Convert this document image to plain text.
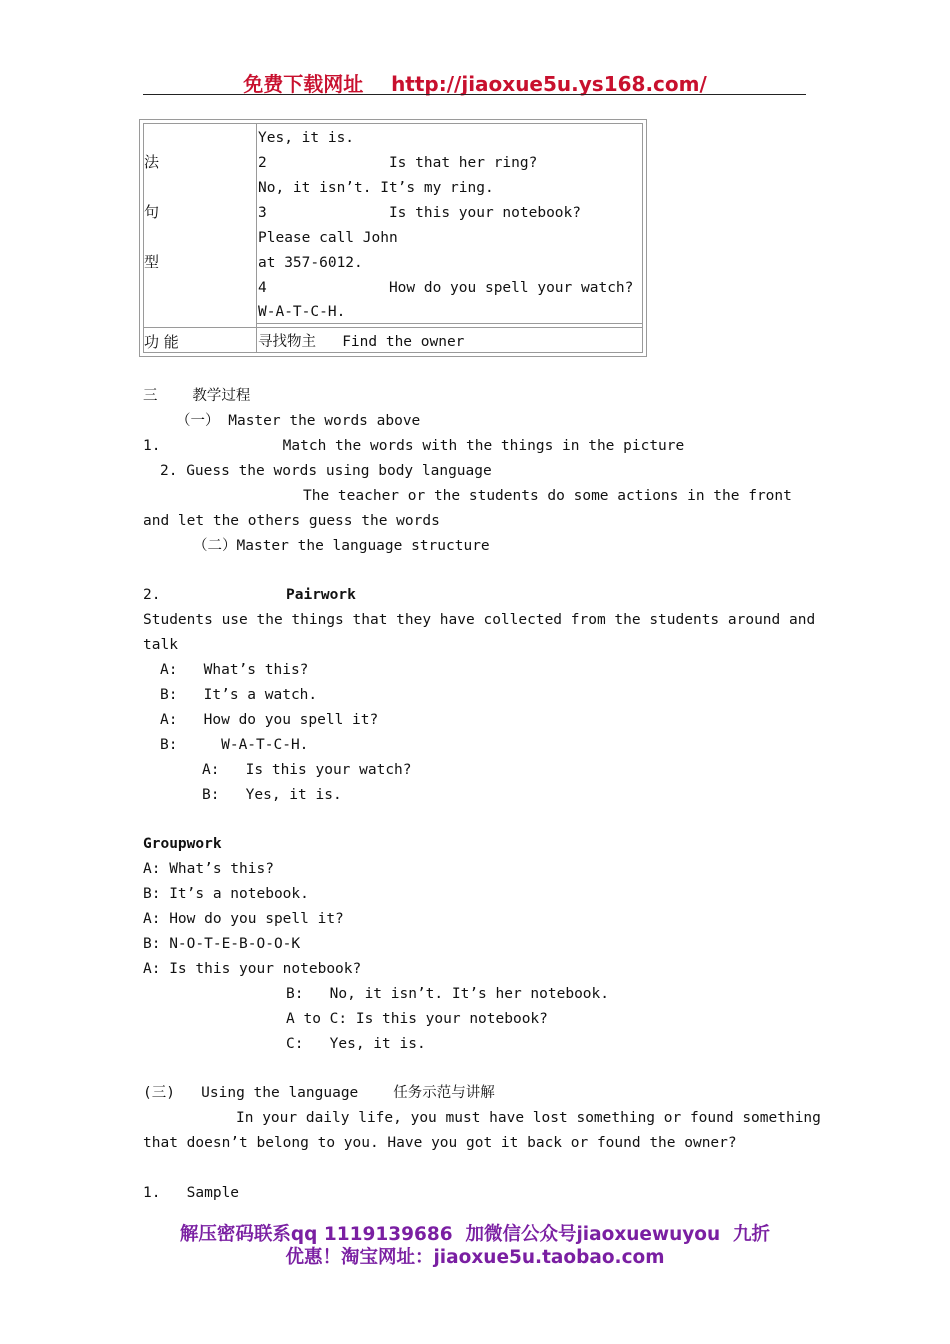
免费下载网址 http://jiaoxue5u.ys168.com/
法
句
型
Yes, it is.
2              Is that her ring?
No, it isn’t. It’s my ring.
3              Is this your notebook?
Please call John
at 357-6012.
4              How do you spell your watch?
W-A-T-C-H.
功 能	寻找物主   Find the owner
三    教学过程
（一） Master the words above
1.              Match the words with the things in the picture
2. Guess the words using body language
The teacher or the students do some actions in the front
and let the others guess the words
（二）Master the language structure
2.	Pairwork
Students use the things that they have collected from the students around and
talk
A:   What’s this?
B:   It’s a watch.
A:   How do you spell it?
B:     W-A-T-C-H.
A:   Is this your watch?
B:   Yes, it is.
Groupwork
A: What’s this?
B: It’s a notebook.
A: How do you spell it?
B: N-O-T-E-B-O-O-K
A: Is this your notebook?
B:   No, it isn’t. It’s her notebook.
A to C: Is this your notebook?
C:   Yes, it is.
(三)   Using the language    任务示范与讲解
In your daily life, you must have lost something or found something
that doesn’t belong to you. Have you got it back or found the owner?
1.   Sample
解压密码联系qq 1119139686  加微信公众号jiaoxuewuyou  九折
优惠！淘宝网址：jiaoxue5u.taobao.com
